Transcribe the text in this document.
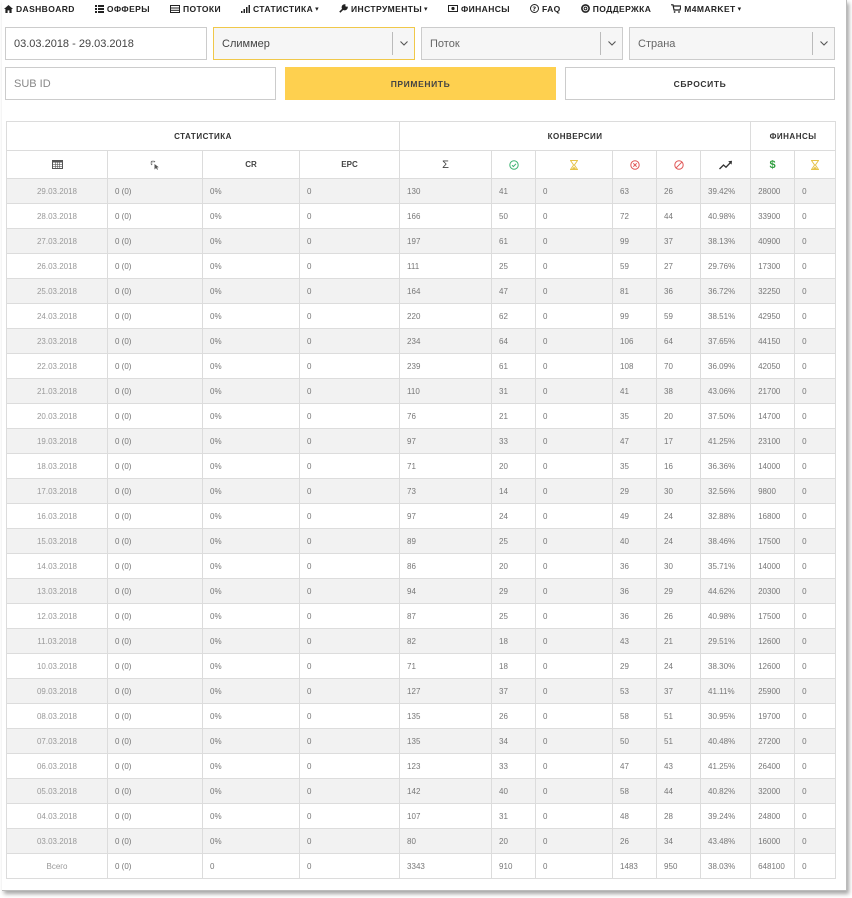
DASHBOARD	ОФФЕРЫ	ПОТОКИ	СТАТИСТИКА ▾	ИНСТРУМЕНТЫ ▾	ФИНАНСЫ	? FAQ	ПОДДЕРЖКА	M4MARKET ▾
03.03.2018 - 29.03.2018	Слиммер	Поток	Страна
SUB ID
ПРИМЕНИТЬ	СБРОСИТЬ
СТАТИСТИКА				КОНВЕРСИИ						ФИНАНСЫ	
		CR	EPC	Σ						$	
29.03.2018	0 (0)	0%	0	130	41	0	63	26	39.42%	28000	0
28.03.2018	0 (0)	0%	0	166	50	0	72	44	40.98%	33900	0
27.03.2018	0 (0)	0%	0	197	61	0	99	37	38.13%	40900	0
26.03.2018	0 (0)	0%	0	111	25	0	59	27	29.76%	17300	0
25.03.2018	0 (0)	0%	0	164	47	0	81	36	36.72%	32250	0
24.03.2018	0 (0)	0%	0	220	62	0	99	59	38.51%	42950	0
23.03.2018	0 (0)	0%	0	234	64	0	106	64	37.65%	44150	0
22.03.2018	0 (0)	0%	0	239	61	0	108	70	36.09%	42050	0
21.03.2018	0 (0)	0%	0	110	31	0	41	38	43.06%	21700	0
20.03.2018	0 (0)	0%	0	76	21	0	35	20	37.50%	14700	0
19.03.2018	0 (0)	0%	0	97	33	0	47	17	41.25%	23100	0
18.03.2018	0 (0)	0%	0	71	20	0	35	16	36.36%	14000	0
17.03.2018	0 (0)	0%	0	73	14	0	29	30	32.56%	9800	0
16.03.2018	0 (0)	0%	0	97	24	0	49	24	32.88%	16800	0
15.03.2018	0 (0)	0%	0	89	25	0	40	24	38.46%	17500	0
14.03.2018	0 (0)	0%	0	86	20	0	36	30	35.71%	14000	0
13.03.2018	0 (0)	0%	0	94	29	0	36	29	44.62%	20300	0
12.03.2018	0 (0)	0%	0	87	25	0	36	26	40.98%	17500	0
11.03.2018	0 (0)	0%	0	82	18	0	43	21	29.51%	12600	0
10.03.2018	0 (0)	0%	0	71	18	0	29	24	38.30%	12600	0
09.03.2018	0 (0)	0%	0	127	37	0	53	37	41.11%	25900	0
08.03.2018	0 (0)	0%	0	135	26	0	58	51	30.95%	19700	0
07.03.2018	0 (0)	0%	0	135	34	0	50	51	40.48%	27200	0
06.03.2018	0 (0)	0%	0	123	33	0	47	43	41.25%	26400	0
05.03.2018	0 (0)	0%	0	142	40	0	58	44	40.82%	32000	0
04.03.2018	0 (0)	0%	0	107	31	0	48	28	39.24%	24800	0
03.03.2018	0 (0)	0%	0	80	20	0	26	34	43.48%	16000	0
Всего	0 (0)	0	0	3343	910	0	1483	950	38.03%	648100	0
